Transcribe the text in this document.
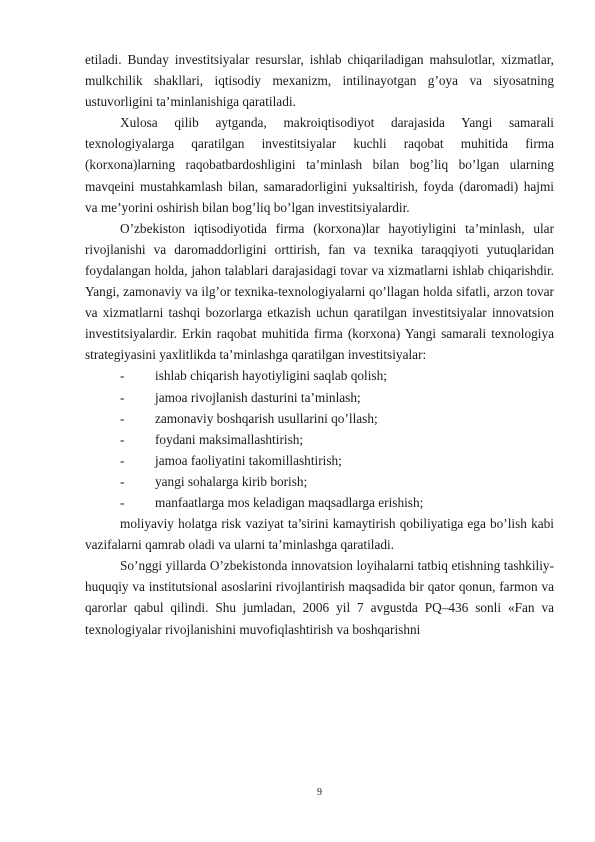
etiladi. Bunday investitsiyalar resurslar, ishlab chiqariladigan mahsulotlar, xizmatlar, mulkchilik shakllari, iqtisodiy mexanizm, intilinayotgan g’oya va siyosatning ustuvorligini ta’minlanishiga qaratiladi.

Xulosa qilib aytganda, makroiqtisodiyot darajasida Yangi samarali texnologiyalarga qaratilgan investitsiyalar kuchli raqobat muhitida firma (korxona)larning raqobatbardoshligini ta’minlash bilan bog’liq bo’lgan ularning mavqeini mustahkamlash bilan, samaradorligini yuksaltirish, foyda (daromadi) hajmi va me’yorini oshirish bilan bog’liq bo’lgan investitsiyalardir.

O’zbekiston iqtisodiyotida firma (korxona)lar hayotiyligini ta’minlash, ular rivojlanishi va daromaddorligini orttirish, fan va texnika taraqqiyoti yutuqlaridan foydalangan holda, jahon talablari darajasidagi tovar va xizmatlarni ishlab chiqarishdir. Yangi, zamonaviy va ilg’or texnika-texnologiyalarni qo’llagan holda sifatli, arzon tovar va xizmatlarni tashqi bozorlarga etkazish uchun qaratilgan investitsiyalar innovatsion investitsiyalardir. Erkin raqobat muhitida firma (korxona) Yangi samarali texnologiya strategiyasini yaxlitlikda ta’minlashga qaratilgan investitsiyalar:

-	ishlab chiqarish hayotiyligini saqlab qolish;
-	jamoa rivojlanish dasturini ta’minlash;
-	zamonaviy boshqarish usullarini qo’llash;
-	foydani maksimallashtirish;
-	jamoa faoliyatini takomillashtirish;
-	yangi sohalarga kirib borish;
-	manfaatlarga mos keladigan maqsadlarga erishish;

moliyaviy holatga risk vaziyat ta’sirini kamaytirish qobiliyatiga ega bo’lish kabi vazifalarni qamrab oladi va ularni ta’minlashga qaratiladi.

So’nggi yillarda O’zbekistonda innovatsion loyihalarni tatbiq etishning tashkiliy-huquqiy va institutsional asoslarini rivojlantirish maqsadida bir qator qonun, farmon va qarorlar qabul qilindi. Shu jumladan, 2006 yil 7 avgustda PQ–436 sonli «Fan va texnologiyalar rivojlanishini muvofiqlashtirish va boshqarishni

9
